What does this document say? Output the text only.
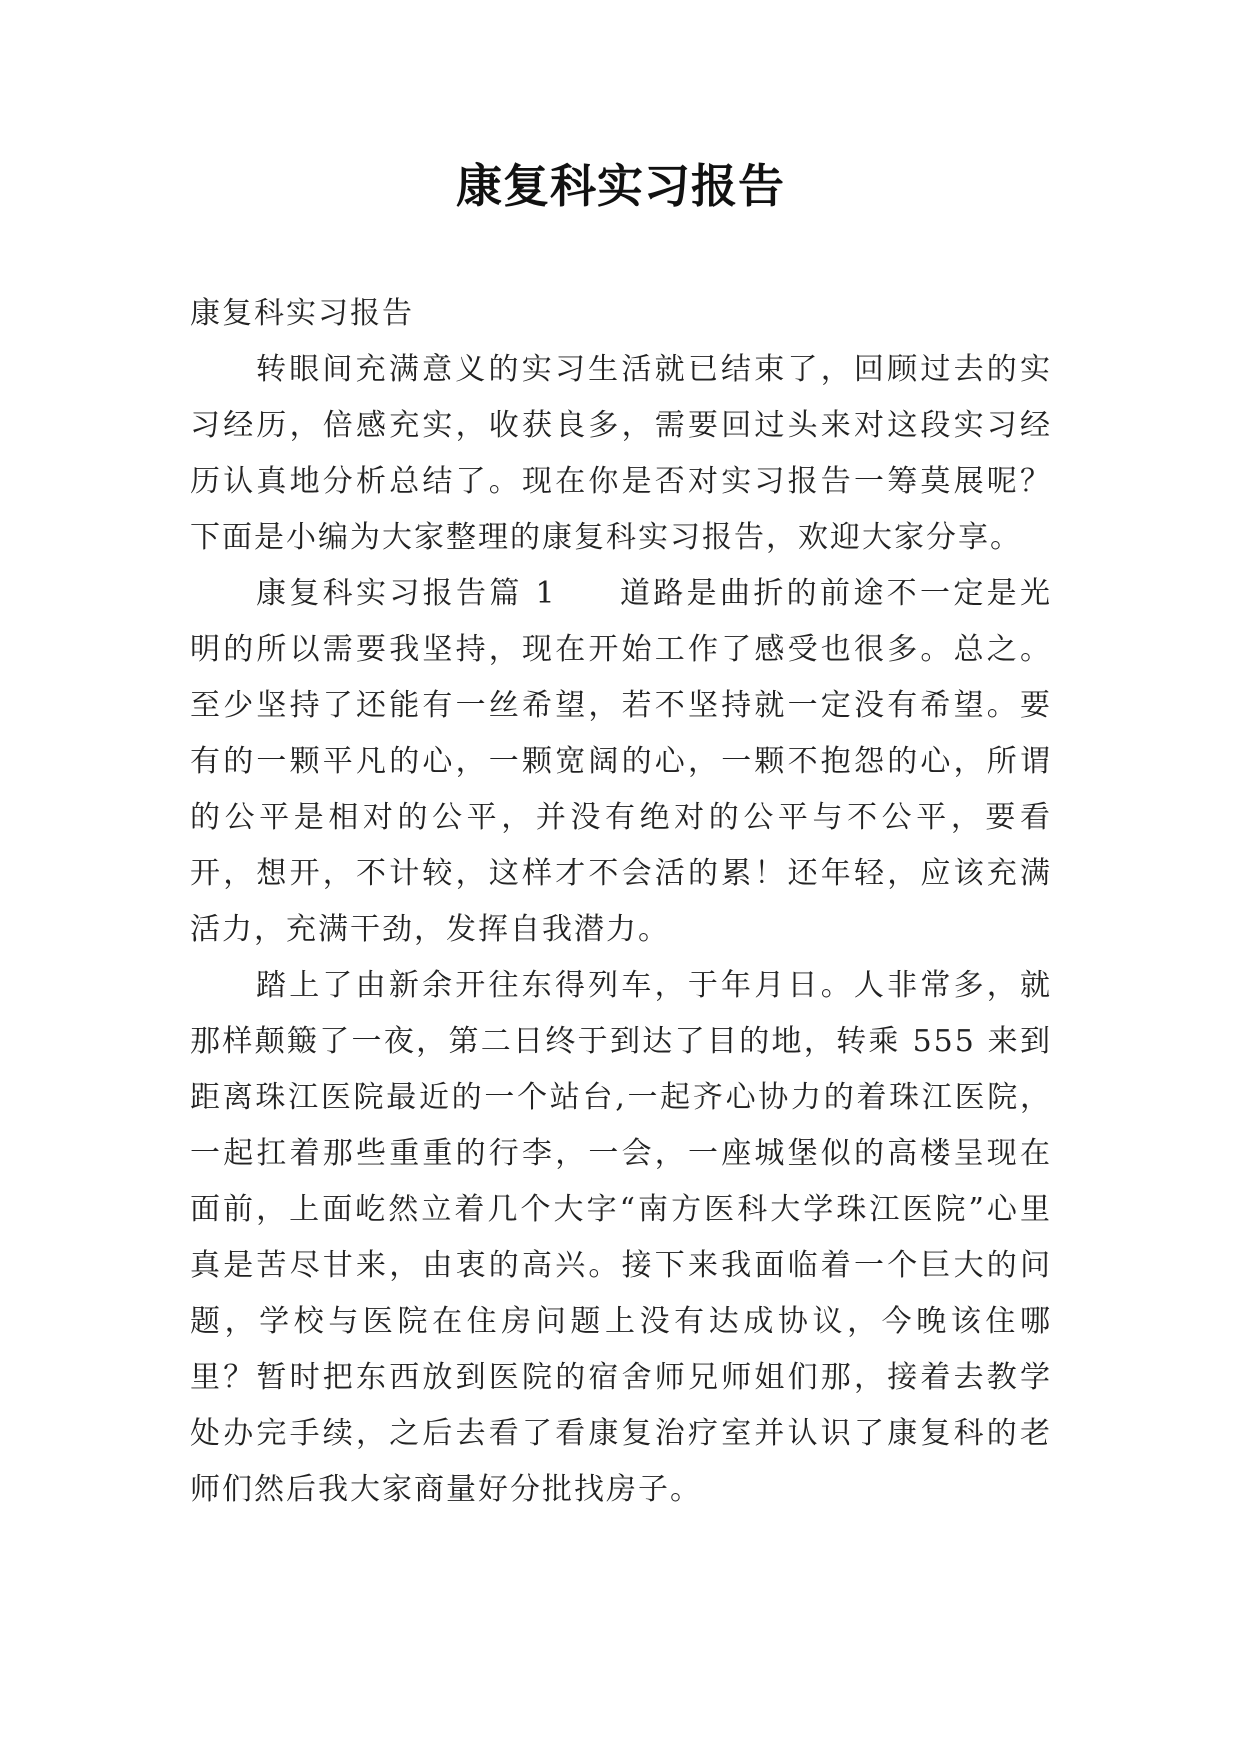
康复科实习报告

康复科实习报告

转眼间充满意义的实习生活就已结束了，回顾过去的实习经历，倍感充实，收获良多，需要回过头来对这段实习经历认真地分析总结了。现在你是否对实习报告一筹莫展呢？下面是小编为大家整理的康复科实习报告，欢迎大家分享。

康复科实习报告篇 1 道路是曲折的前途不一定是光明的所以需要我坚持，现在开始工作了感受也很多。总之。至少坚持了还能有一丝希望，若不坚持就一定没有希望。要有的一颗平凡的心，一颗宽阔的心，一颗不抱怨的心，所谓的公平是相对的公平，并没有绝对的公平与不公平，要看开，想开，不计较，这样才不会活的累！还年轻，应该充满活力，充满干劲，发挥自我潜力。

踏上了由新余开往东得列车，于年月日。人非常多，就那样颠簸了一夜，第二日终于到达了目的地，转乘 555 来到距离珠江医院最近的一个站台,一起齐心协力的着珠江医院，一起扛着那些重重的行李，一会，一座城堡似的高楼呈现在面前，上面屹然立着几个大字“南方医科大学珠江医院”心里真是苦尽甘来，由衷的高兴。接下来我面临着一个巨大的问题，学校与医院在住房问题上没有达成协议，今晚该住哪里？暂时把东西放到医院的宿舍师兄师姐们那，接着去教学处办完手续，之后去看了看康复治疗室并认识了康复科的老师们然后我大家商量好分批找房子。
